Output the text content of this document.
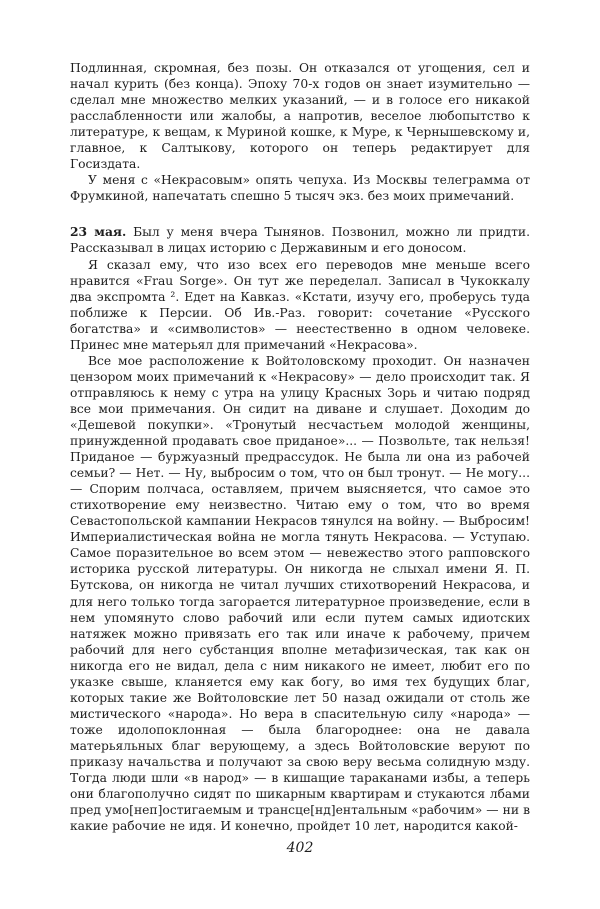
Подлинная, скромная, без позы. Он отказался от угощения, сел и начал курить (без конца). Эпоху 70-х годов он знает изумительно — сделал мне множество мелких указаний, — и в голосе его никакой расслабленности или жалобы, а напротив, веселое любопытство к литературе, к вещам, к Муриной кошке, к Муре, к Чернышевскому и, главное, к Салтыкову, которого он теперь редактирует для Госиздата.

У меня с «Некрасовым» опять чепуха. Из Москвы телеграмма от Фрумкиной, напечатать спешно 5 тысяч экз. без моих примечаний.

23 мая. Был у меня вчера Тынянов. Позвонил, можно ли придти. Рассказывал в лицах историю с Державиным и его доносом.

Я сказал ему, что изо всех его переводов мне меньше всего нравится «Frau Sorge». Он тут же переделал. Записал в Чукоккалу два экспромта ². Едет на Кавказ. «Кстати, изучу его, проберусь туда поближе к Персии. Об Ив.-Раз. говорит: сочетание «Русского богатства» и «символистов» — неестественно в одном человеке. Принес мне матерьял для примечаний «Некрасова».

Все мое расположение к Войтоловскому проходит. Он назначен цензором моих примечаний к «Некрасову» — дело происходит так. Я отправляюсь к нему с утра на улицу Красных Зорь и читаю подряд все мои примечания. Он сидит на диване и слушает. Доходим до «Дешевой покупки». «Тронутый несчастьем молодой женщины, принужденной продавать свое приданое»... — Позвольте, так нельзя! Приданое — буржуазный предрассудок. Не была ли она из рабочей семьи? — Нет. — Ну, выбросим о том, что он был тронут. — Не могу... — Спорим полчаса, оставляем, причем выясняется, что самое это стихотворение ему неизвестно. Читаю ему о том, что во время Севастопольской кампании Некрасов тянулся на войну. — Выбросим! Империалистическая война не могла тянуть Некрасова. — Уступаю. Самое поразительное во всем этом — невежество этого рапповского историка русской литературы. Он никогда не слыхал имени Я. П. Бутскова, он никогда не читал лучших стихотворений Некрасова, и для него только тогда загорается литературное произведение, если в нем упомянуто слово рабочий или если путем самых идиотских натяжек можно привязать его так или иначе к рабочему, причем рабочий для него субстанция вполне метафизическая, так как он никогда его не видал, дела с ним никакого не имеет, любит его по указке свыше, кланяется ему как богу, во имя тех будущих благ, которых такие же Войтоловские лет 50 назад ожидали от столь же мистического «народа». Но вера в спасительную силу «народа» — тоже идолопоклонная — была благороднее: она не давала матерьяльных благ верующему, а здесь Войтоловские веруют по приказу начальства и получают за свою веру весьма солидную мзду. Тогда люди шли «в народ» — в кишащие тараканами избы, а теперь они благополучно сидят по шикарным квартирам и стукаются лбами пред умо[неп]остигаемым и трансце[нд]ентальным «рабочим» — ни в какие рабочие не идя. И конечно, пройдет 10 лет, народится какой-

402
